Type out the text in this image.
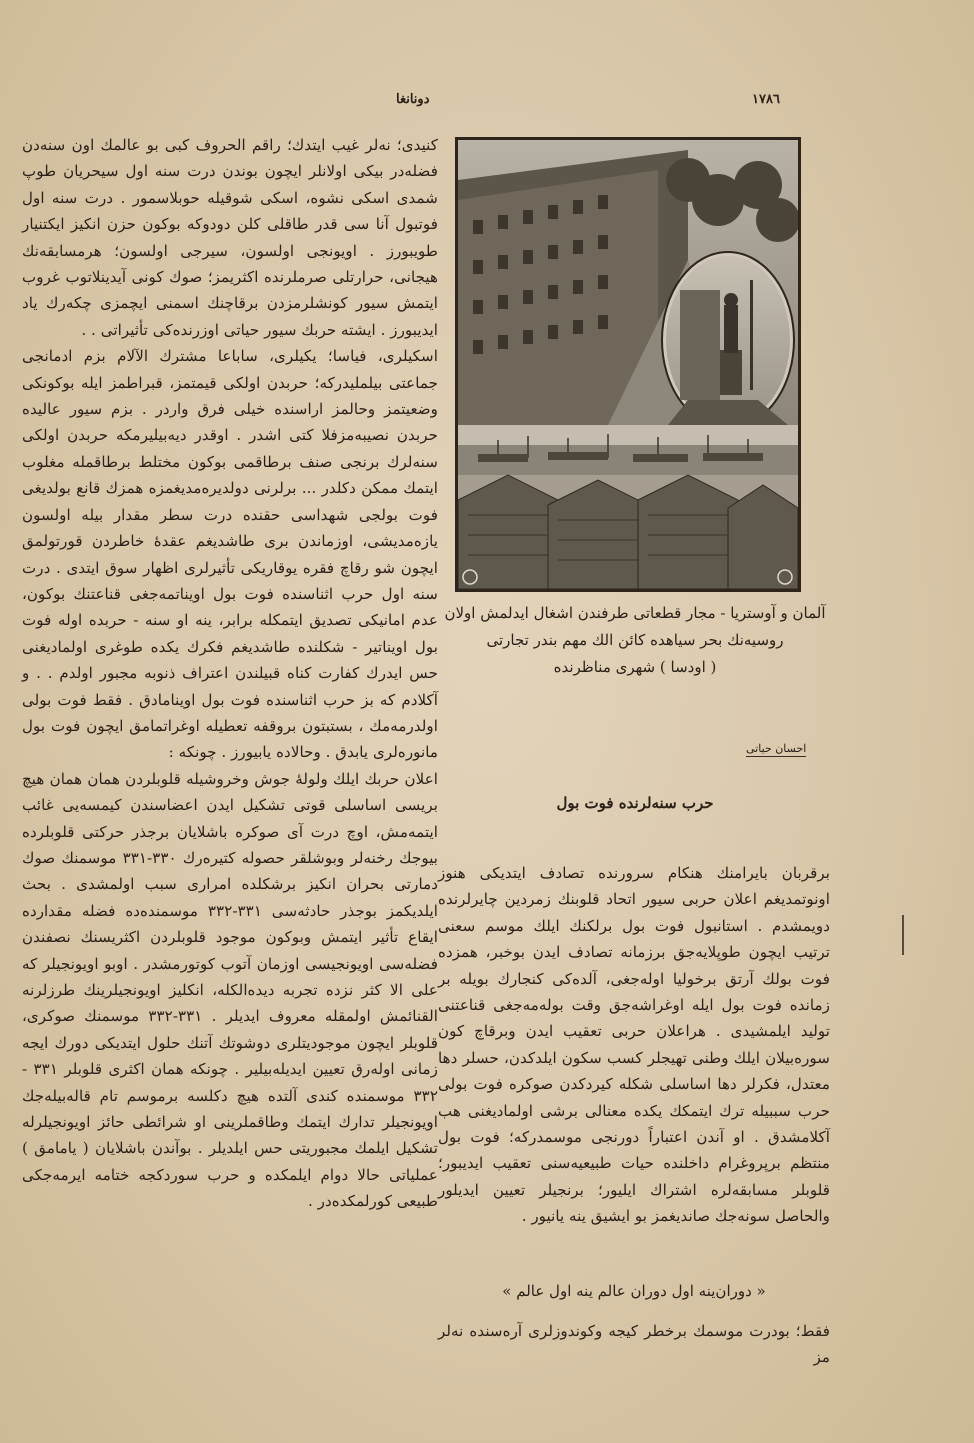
دونانغا	١٧٨٦

كنيدى؛ نه‌لر غيب ايتدك؛ راقم الحروف كبى بو عالمك اون سنه‌دن فضله‌در بيكى اولانلر ايچون بوندن درت سنه اول سيحريان طوپ شمدى اسكى نشوه، اسكى شوقيله حوبلاسمور . درت سنه اول فوتبول آنا سى قدر طاقلى كلن دودوكه بوكون حزن انكيز ايكتنيار طويبورز . اويونجى اولسون، سيرجى اولسون؛ هرمسابقه‌نك هيجانى، حرارتلى صرملرنده اكثريمز؛ صوك كونى آيدينلاتوب غروب ايتمش سيور كونشلرمزدن برقاچنك اسمنى ايچمزى چكه‌رك ياد ايديبورز . ايشته حربك سيور حياتى اوزرنده‌كى تأثيراتى . .

اسكيلرى، فياسا؛ يكيلرى، ساباعا مشترك الآلام بزم ادمانجى جماعتى بيلمليدركه؛ حربدن اولكى قيمتمز، قبراطمز ايله بوكونكى وضعيتمز وحالمز اراسنده خيلى فرق واردر . بزم سيور عاليده حربدن نصيبه‌مزفلا كتى اشدر . اوقدر ديه‌بيليرمكه حربدن اولكى سنه‌لرك برنجى صنف برطاقمى بوكون مختلط برطاقمله مغلوب ايتمك ممكن دكلدر ... برلرنى دولديره‌مديغمزه همزك قانع بولديغى فوت بولجى شهداسى حقنده درت سطر مقدار بيله اولسون يازه‌مديشى، اوزماندن برى طاشديغم عقدهٔ خاطردن قورتولمق ايچون شو رقاچ فقره يوقاريكى تأثيرلرى اظهار سوق ايتدى . درت سنه اول حرب اثناسنده فوت بول اويناتمه‌جغى قناعتنك بوكون، عدم امانيكى تصديق ايتمكله برابر، ينه او سنه - حربده اوله فوت بول اويناتير - شكلنده طاشديغم فكرك يكده طوغرى اولماديغنى حس ايدرك كفارت كناه قبيلندن اعتراف ذنوبه مجبور اولدم . . و آكلادم كه بز حرب اثناسنده فوت بول اوينامادق . فقط فوت بولى اولدرمه‌مك ، بستبتون بروقفه تعطيله اوغراتمامق ايچون فوت بول مانوره‌لرى يابدق . وحالاده يابيورز . چونكه :

اعلان حربك ايلك ولوله‌ٔ جوش وخروشيله قلوبلردن همان همان هيچ بريسى اساسلى قوتى تشكيل ايدن اعضاسندن كيمسه‌يى غائب ايتمه‌مش، اوچ درت آى صوكره باشلايان برجذر حركتى قلوبلرده بيوجك رخنه‌لر وبوشلقر حصوله كتيره‌رك ٣٣٠-٣٣١ موسمنك صوك دمارتى بحران انكيز برشكلده امرارى سبب اولمشدى . بحث ايلديكمز بوجذر حادثه‌سى ٣٣١-٣٣٢ موسمنده‌ده فضله مقدارده ايقاع تأثير ايتمش وبوكون موجود قلوبلردن اكثريسنك نصفندن فضله‌سى اويونجيسى اوزمان آتوب كوتورمشدر . اوبو اويونجيلر كه على الا كثر نزده تجربه ديده‌الكله، انكليز اويونجيلرينك طرزلرنه القنائمش اولمقله معروف ايديلر . ٣٣١-٣٣٢ موسمنك صوكرى، قلوبلر ايچون موجوديتلرى دوشوتك آتنك حلول ايتديكى دورك ايجه زمانى اوله‌رق تعيين ايديله‌بيلير . چونكه همان اكثرى قلوبلر ٣٣١ - ٣٣٢ موسمنده كندى آلتده هيچ دكلسه برموسم تام قاله‌بيله‌جك اويونجيلر تدارك ايتمك وطاقملرينى او شرائطى حائز اويونجيلرله تشكيل ايلمك مجبوريتى حس ايلديلر . بوآندن باشلايان ( يامامق ) عملياتى حالا دوام ايلمكده و حرب سوردكجه ختامه ايرمه‌جكى طبيعى كورلمكده‌در .

آلمان و آوستريا - مجار قطعاتى طرفندن اشغال ايدلمش اولان

روسيه‌نك بحر سياهده كائن الك مهم بندر تجارتى

( اودسا ) شهرى مناظرنده

احسان حياتى
حرب سنه‌لرنده فوت بول

برقربان بايرامنك هنكام سرورنده تصادف ايتديكى هنوز اونوتمديغم اعلان حربى سيور اتحاد قلوبنك زمردين چايرلرنده دويمشدم . استانبول فوت بول برلكنك ايلك موسم سعنى ترتيب ايچون طوپلايه‌جق برزمانه تصادف ايدن بوخبر، همزده فوت بولك آرتق برخوليا اوله‌جغى، آلده‌كى كنجارك بويله بر زمانده فوت بول ايله اوغراشه‌جق وقت بوله‌مه‌جغى قناعتنى توليد ايلمشيدى . هراعلان حربى تعقيب ايدن وبرقاچ كون سوره‌بيلان ايلك وطنى تهيجلر كسب سكون ايلدكدن، حسلر دها معتدل، فكرلر دها اساسلى شكله كيردكدن صوكره فوت بولى حرب سببيله ترك ايتمكك يكده معنالى برشى اولماديغنى هب آكلامشدق . او آندن اعتباراً دورنجى موسمدركه؛ فوت بول منتظم برپروغرام داخلنده حيات طبيعيه‌سنى تعقيب ايديبور؛ قلوبلر مسابقه‌لره اشتراك ايليور؛ برنجيلر تعيين ايديلور والحاصل سونه‌جك صانديغمز بو ايشيق ينه يانيور .

« دوران‌ينه اول دوران عالم ينه اول عالم »
فقط؛ بودرت موسمك برخطر كيجه‌ وكوندوزلرى آره‌سنده نه‌لر مز
